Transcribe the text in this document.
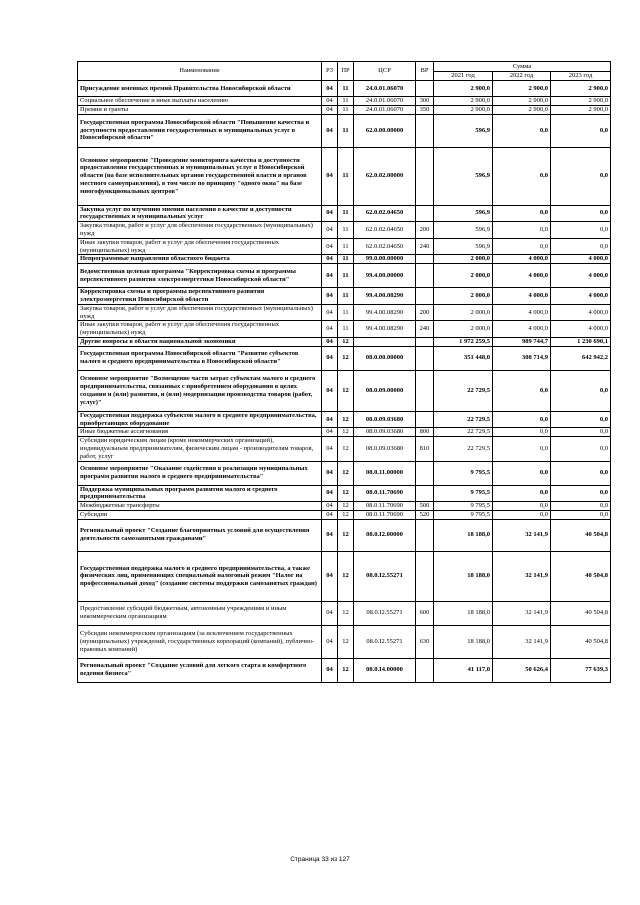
Наименование	РЗ	ПР	ЦСР	ВР	Сумма		
					2021 год	2022 год	2023 год
Присуждение именных премий Правительства Новосибирской области	04	11	24.0.01.06070		2 900,0	2 900,0	2 900,0
Социальное обеспечение и иные выплаты населению	04	11	24.0.01.06070	300	2 900,0	2 900,0	2 900,0
Премии и гранты	04	11	24.0.01.06070	350	2 900,0	2 900,0	2 900,0
Государственная программа Новосибирской области "Повышение качества и доступности предоставления государственных и муниципальных услуг в Новосибирской области"	04	11	62.0.00.00000		596,9	0,0	0,0
Основное мероприятие "Проведение мониторинга качества и доступности предоставления государственных и муниципальных услуг в Новосибирской области (на базе исполнительных органов государственной власти и органов местного самоуправления), в том числе по принципу "одного окна" на базе многофункциональных центров"	04	11	62.0.02.00000		596,9	0,0	0,0
Закупка услуг по изучению мнения населения о качестве и доступности государственных и муниципальных услуг	04	11	62.0.02.04650		596,9	0,0	0,0
Закупка товаров, работ и услуг для обеспечения государственных (муниципальных) нужд	04	11	62.0.02.04650	200	596,9	0,0	0,0
Иные закупки товаров, работ и услуг для обеспечения государственных (муниципальных) нужд	04	11	62.0.02.04650	240	596,9	0,0	0,0
Непрограммные направления областного бюджета	04	11	99.0.00.00000		2 000,0	4 000,0	4 000,0
Ведомственная целевая программа "Корректировка схемы и программы перспективного развития электроэнергетики Новосибирской области"	04	11	99.4.00.00000		2 000,0	4 000,0	4 000,0
Корректировка схемы и программы перспективного развития электроэнергетики Новосибирской области	04	11	99.4.00.08290		2 000,0	4 000,0	4 000,0
Закупка товаров, работ и услуг для обеспечения государственных (муниципальных) нужд	04	11	99.4.00.08290	200	2 000,0	4 000,0	4 000,0
Иные закупки товаров, работ и услуг для обеспечения государственных (муниципальных) нужд	04	11	99.4.00.08290	240	2 000,0	4 000,0	4 000,0
Другие вопросы в области национальной экономики	04	12			1 972 259,5	989 744,7	1 230 690,1
Государственная программа Новосибирской области "Развитие субъектов малого и среднего предпринимательства в Новосибирской области"	04	12	08.0.00.00000		351 448,0	308 714,9	642 942,2
Основное мероприятие "Возмещение части затрат субъектам малого и среднего предпринимательства, связанных с приобретением оборудования в целях создания и (или) развития, и (или) модернизации производства товаров (работ, услуг)"	04	12	08.0.09.00000		22 729,5	0,0	0,0
Государственная поддержка субъектов малого и среднего предпринимательства, приобретающих оборудование	04	12	08.0.09.03680		22 729,5	0,0	0,0
Иные бюджетные ассигнования	04	12	08.0.09.03680	800	22 729,5	0,0	0,0
Субсидии юридическим лицам (кроме некоммерческих организаций), индивидуальным предпринимателям, физическим лицам - производителям товаров, работ, услуг	04	12	08.0.09.03680	810	22 729,5	0,0	0,0
Основное мероприятие "Оказание содействия в реализации муниципальных программ развития малого и среднего предпринимательства"	04	12	08.0.11.00000		9 795,5	0,0	0,0
Поддержка муниципальных программ развития малого и среднего предпринимательства	04	12	08.0.11.70690		9 795,5	0,0	0,0
Межбюджетные трансферты	04	12	08.0.11.70690	500	9 795,5	0,0	0,0
Субсидии	04	12	08.0.11.70690	520	9 795,5	0,0	0,0
Региональный проект "Создание благоприятных условий для осуществления деятельности самозанятыми гражданами"	04	12	08.0.I2.00000		18 188,0	32 141,9	40 504,8
Государственная поддержка малого и среднего предпринимательства, а также физических лиц, применяющих специальный налоговый режим "Налог на профессиональный доход" (создание системы поддержки самозанятых граждан)	04	12	08.0.I2.55271		18 188,0	32 141,9	40 504,8
Предоставление субсидий бюджетным, автономным учреждениям и иным некоммерческим организациям	04	12	08.0.I2.55271	600	18 188,0	32 141,9	40 504,8
Субсидии некоммерческим организациям (за исключением государственных (муниципальных) учреждений, государственных корпораций (компаний), публично-правовых компаний)	04	12	08.0.I2.55271	630	18 188,0	32 141,9	40 504,8
Региональный проект "Создание условий для легкого старта и комфортного ведения бизнеса"	04	12	08.0.I4.00000		41 117,0	50 626,4	77 639,3
Страница 33 из 127
